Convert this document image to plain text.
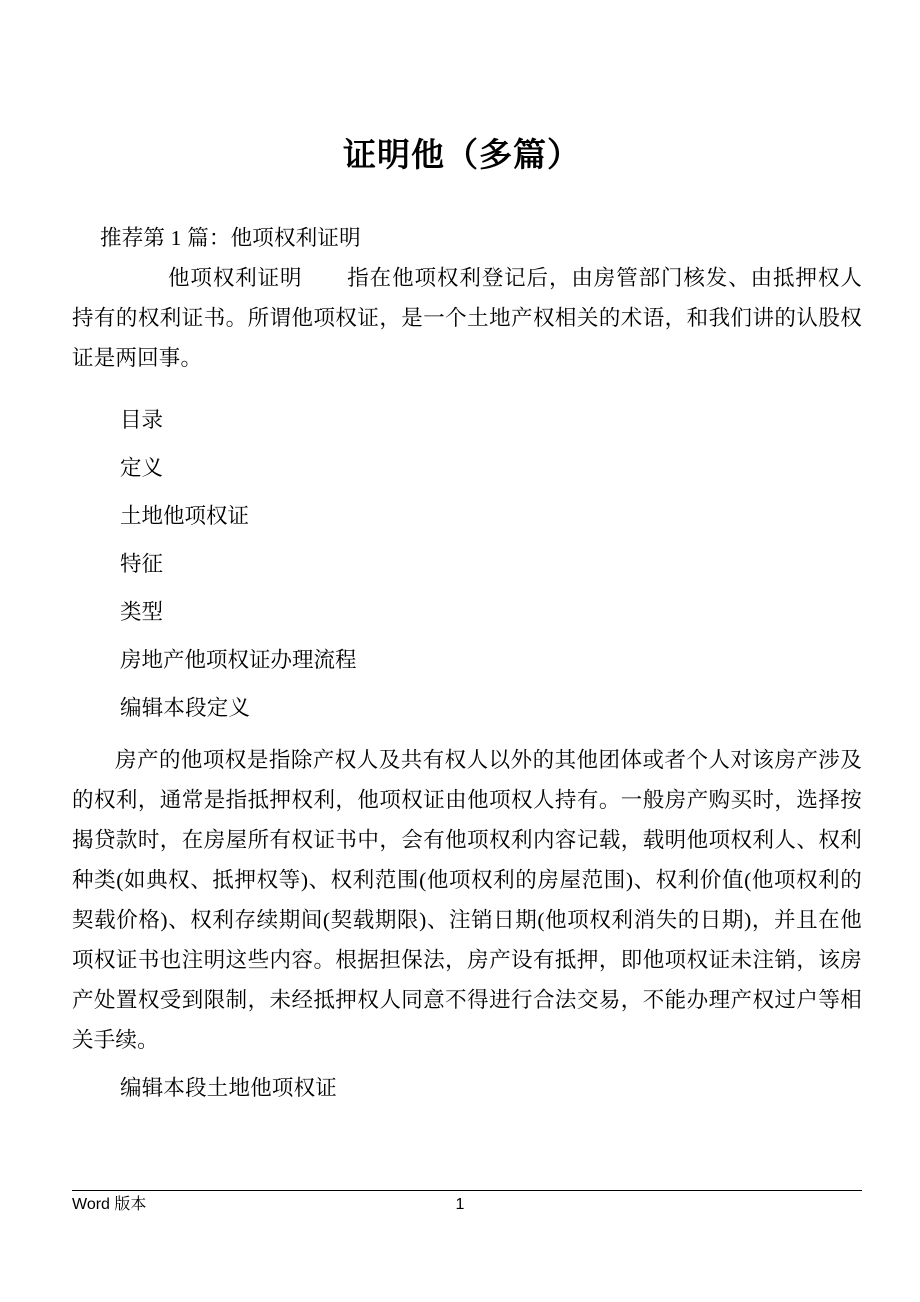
证明他（多篇）

推荐第 1 篇：他项权利证明

他项权利证明　　指在他项权利登记后，由房管部门核发、由抵押权人持有的权利证书。所谓他项权证，是一个土地产权相关的术语，和我们讲的认股权证是两回事。

目录

定义

土地他项权证

特征

类型

房地产他项权证办理流程

编辑本段定义

房产的他项权是指除产权人及共有权人以外的其他团体或者个人对该房产涉及的权利，通常是指抵押权利，他项权证由他项权人持有。一般房产购买时，选择按揭贷款时，在房屋所有权证书中，会有他项权利内容记载，载明他项权利人、权利种类(如典权、抵押权等)、权利范围(他项权利的房屋范围)、权利价值(他项权利的契载价格)、权利存续期间(契载期限)、注销日期(他项权利消失的日期)，并且在他项权证书也注明这些内容。根据担保法，房产设有抵押，即他项权证未注销，该房产处置权受到限制，未经抵押权人同意不得进行合法交易，不能办理产权过户等相关手续。

编辑本段土地他项权证

Word 版本	1
